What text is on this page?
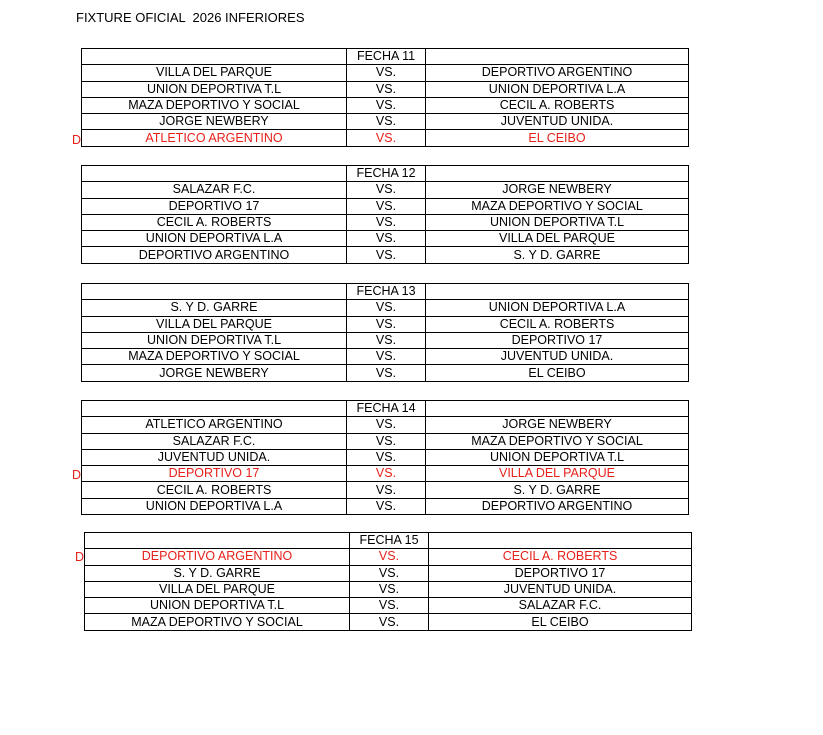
FIXTURE OFICIAL  2026 INFERIORES
	FECHA 11	
VILLA DEL PARQUE	VS.	DEPORTIVO ARGENTINO
UNION DEPORTIVA T.L	VS.	UNION DEPORTIVA L.A
MAZA DEPORTIVO Y SOCIAL	VS.	CECIL A. ROBERTS
JORGE NEWBERY	VS.	JUVENTUD UNIDA.
ATLETICO ARGENTINO	VS.	EL CEIBO
D
	FECHA 12	
SALAZAR F.C.	VS.	JORGE NEWBERY
DEPORTIVO 17	VS.	MAZA DEPORTIVO Y SOCIAL
CECIL A. ROBERTS	VS.	UNION DEPORTIVA T.L
UNION DEPORTIVA L.A	VS.	VILLA DEL PARQUE
DEPORTIVO ARGENTINO	VS.	S. Y D. GARRE
	FECHA 13	
S. Y D. GARRE	VS.	UNION DEPORTIVA L.A
VILLA DEL PARQUE	VS.	CECIL A. ROBERTS
UNION DEPORTIVA T.L	VS.	DEPORTIVO 17
MAZA DEPORTIVO Y SOCIAL	VS.	JUVENTUD UNIDA.
JORGE NEWBERY	VS.	EL CEIBO
	FECHA 14	
ATLETICO ARGENTINO	VS.	JORGE NEWBERY
SALAZAR F.C.	VS.	MAZA DEPORTIVO Y SOCIAL
JUVENTUD UNIDA.	VS.	UNION DEPORTIVA T.L
DEPORTIVO 17	VS.	VILLA DEL PARQUE
CECIL A. ROBERTS	VS.	S. Y D. GARRE
UNION DEPORTIVA L.A	VS.	DEPORTIVO ARGENTINO
D
	FECHA 15	
DEPORTIVO ARGENTINO	VS.	CECIL A. ROBERTS
S. Y D. GARRE	VS.	DEPORTIVO 17
VILLA DEL PARQUE	VS.	JUVENTUD UNIDA.
UNION DEPORTIVA T.L	VS.	SALAZAR F.C.
MAZA DEPORTIVO Y SOCIAL	VS.	EL CEIBO
D
